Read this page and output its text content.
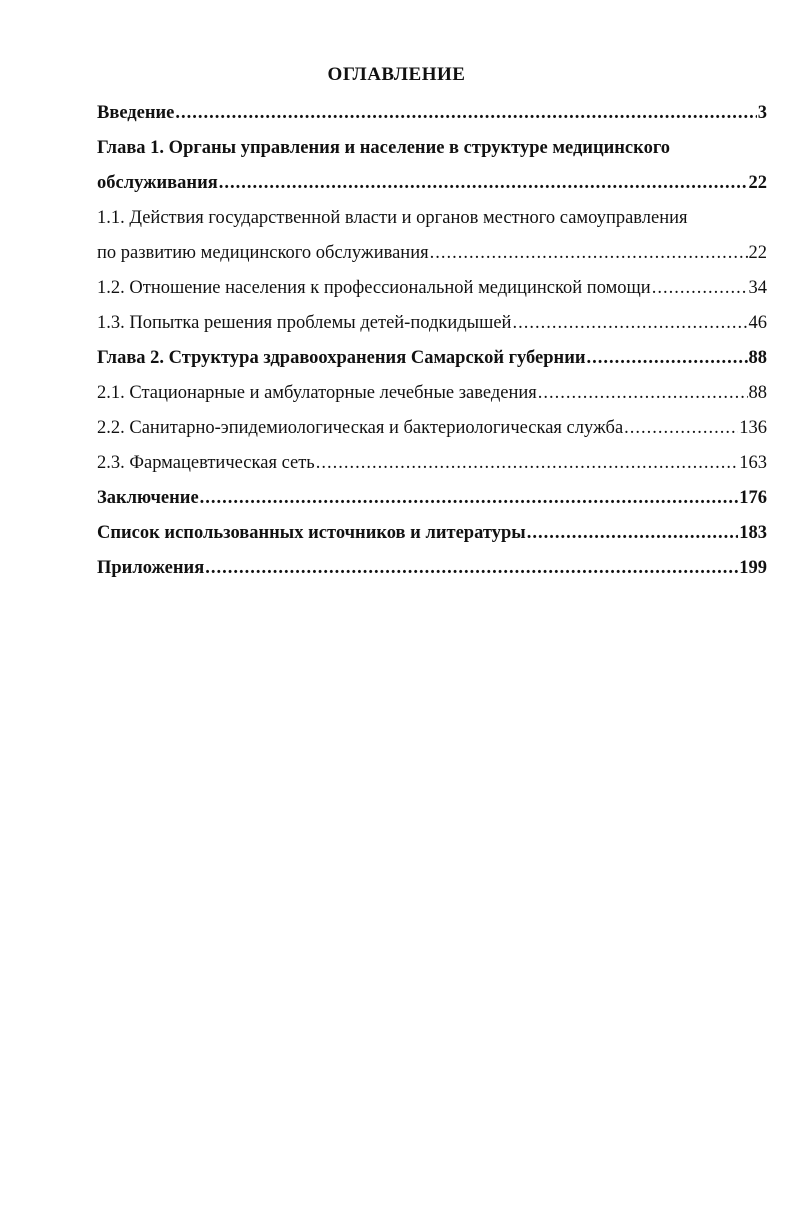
ОГЛАВЛЕНИЕ
Введение .....	3
Глава 1. Органы управления и население в структуре медицинского
обслуживания .....	22
1.1. Действия государственной власти и органов местного самоуправления
по развитию медицинского обслуживания .....	22
1.2. Отношение населения к профессиональной медицинской помощи .....	34
1.3. Попытка решения проблемы детей-подкидышей .....	46
Глава 2. Структура здравоохранения Самарской губернии .....	88
2.1. Стационарные и амбулаторные лечебные заведения .....	88
2.2. Санитарно-эпидемиологическая и бактериологическая служба .....	136
2.3. Фармацевтическая сеть .....	163
Заключение .....	176
Список использованных источников и литературы .....	183
Приложения .....	199
